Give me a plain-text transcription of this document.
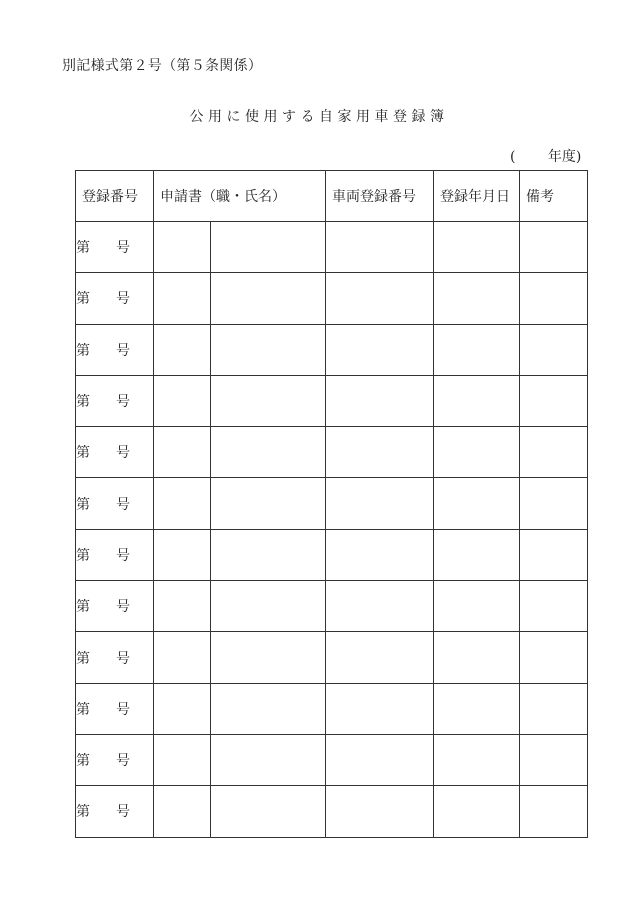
別記様式第２号（第５条関係）
公用に使用する自家用車登録簿
(　　 年度)
登録番号	申請書（職・氏名）		車両登録番号	登録年月日	備考
第 号					
第 号					
第 号					
第 号					
第 号					
第 号					
第 号					
第 号					
第 号					
第 号					
第 号					
第 号					
